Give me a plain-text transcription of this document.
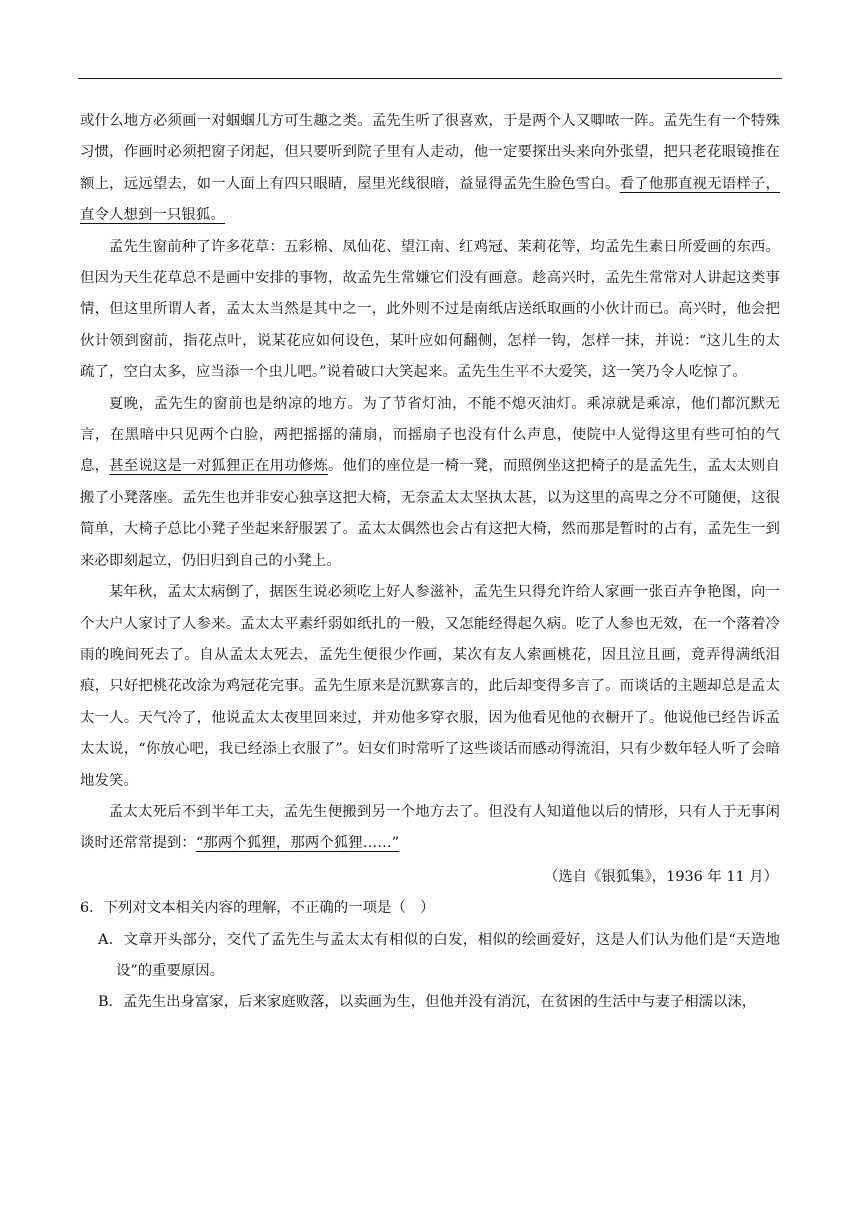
或什么地方必须画一对蝈蝈儿方可生趣之类。孟先生听了很喜欢，于是两个人又唧哝一阵。孟先生有一个特殊习惯，作画时必须把窗子闭起，但只要听到院子里有人走动，他一定要探出头来向外张望，把只老花眼镜推在额上，远远望去，如一人面上有四只眼睛，屋里光线很暗，益显得孟先生脸色雪白。看了他那直视无语样子，直令人想到一只银狐。

孟先生窗前种了许多花草：五彩棉、凤仙花、望江南、红鸡冠、茉莉花等，均孟先生素日所爱画的东西。但因为天生花草总不是画中安排的事物，故孟先生常嫌它们没有画意。趁高兴时，孟先生常常对人讲起这类事情，但这里所谓人者，孟太太当然是其中之一，此外则不过是南纸店送纸取画的小伙计而已。高兴时，他会把伙计领到窗前，指花点叶，说某花应如何设色，某叶应如何翻侧，怎样一钩，怎样一抹，并说：“这儿生的太疏了，空白太多，应当添一个虫儿吧。”说着破口大笑起来。孟先生生平不大爱笑，这一笑乃令人吃惊了。

夏晚，孟先生的窗前也是纳凉的地方。为了节省灯油，不能不熄灭油灯。乘凉就是乘凉，他们都沉默无言，在黑暗中只见两个白脸，两把摇摇的蒲扇，而摇扇子也没有什么声息，使院中人觉得这里有些可怕的气息，甚至说这是一对狐狸正在用功修炼。他们的座位是一椅一凳，而照例坐这把椅子的是孟先生，孟太太则自搬了小凳落座。孟先生也并非安心独享这把大椅，无奈孟太太坚执太甚，以为这里的高卑之分不可随便，这很简单，大椅子总比小凳子坐起来舒服罢了。孟太太偶然也会占有这把大椅，然而那是暂时的占有，孟先生一到来必即刻起立，仍旧归到自己的小凳上。

某年秋，孟太太病倒了，据医生说必须吃上好人参滋补，孟先生只得允许给人家画一张百卉争艳图，向一个大户人家讨了人参来。孟太太平素纤弱如纸扎的一般，又怎能经得起久病。吃了人参也无效，在一个落着冷雨的晚间死去了。自从孟太太死去，孟先生便很少作画，某次有友人索画桃花，因且泣且画，竟弄得满纸泪痕，只好把桃花改涂为鸡冠花完事。孟先生原来是沉默寡言的，此后却变得多言了。而谈话的主题却总是孟太太一人。天气冷了，他说孟太太夜里回来过，并劝他多穿衣服，因为他看见他的衣橱开了。他说他已经告诉孟太太说，“你放心吧，我已经添上衣服了”。妇女们时常听了这些谈话而感动得流泪，只有少数年轻人听了会暗地发笑。

孟太太死后不到半年工夫，孟先生便搬到另一个地方去了。但没有人知道他以后的情形，只有人于无事闲谈时还常常提到：“那两个狐狸，那两个狐狸……”

（选自《银狐集》，1936 年 11 月）

6．下列对文本相关内容的理解，不正确的一项是（　）

A．文章开头部分，交代了孟先生与孟太太有相似的白发，相似的绘画爱好，这是人们认为他们是“天造地设”的重要原因。

B．孟先生出身富家，后来家庭败落，以卖画为生，但他并没有消沉，在贫困的生活中与妻子相濡以沫，
